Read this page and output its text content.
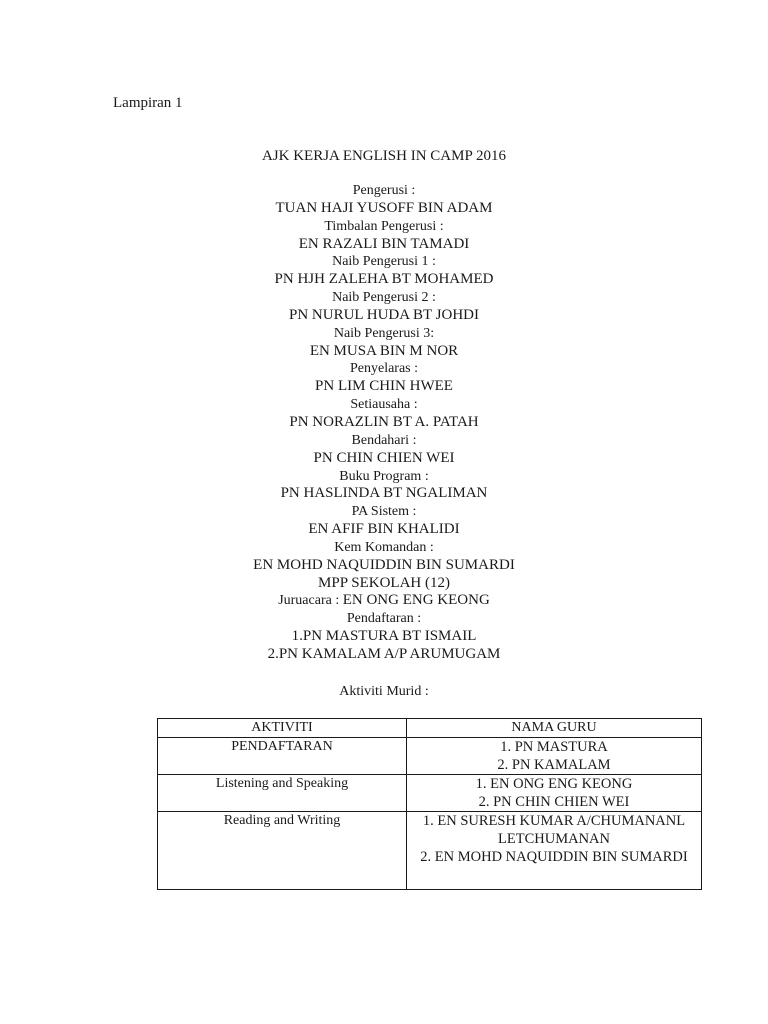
Lampiran 1
AJK KERJA ENGLISH IN CAMP 2016
Pengerusi :
TUAN HAJI YUSOFF BIN ADAM
Timbalan Pengerusi :
EN RAZALI BIN TAMADI
Naib Pengerusi 1 :
PN HJH ZALEHA BT MOHAMED
Naib Pengerusi 2 :
PN NURUL HUDA BT JOHDI
Naib Pengerusi 3:
EN MUSA BIN M NOR
Penyelaras :
PN LIM CHIN HWEE
Setiausaha :
PN NORAZLIN BT A. PATAH
Bendahari :
PN CHIN CHIEN WEI
Buku Program :
PN HASLINDA BT NGALIMAN
PA Sistem :
EN AFIF BIN KHALIDI
Kem Komandan :
EN MOHD NAQUIDDIN BIN SUMARDI
MPP SEKOLAH (12)
Juruacara : EN ONG ENG KEONG
Pendaftaran :
1.PN MASTURA BT ISMAIL
2.PN KAMALAM A/P ARUMUGAM
Aktiviti Murid :
AKTIVITI	NAMA GURU
PENDAFTARAN	1. PN MASTURA
2. PN KAMALAM

Listening and Speaking	1. EN ONG ENG KEONG
2. PN CHIN CHIEN WEI

Reading and Writing	1. EN SURESH KUMAR A/CHUMANANL
LETCHUMANAN
2. EN MOHD NAQUIDDIN BIN SUMARDI
